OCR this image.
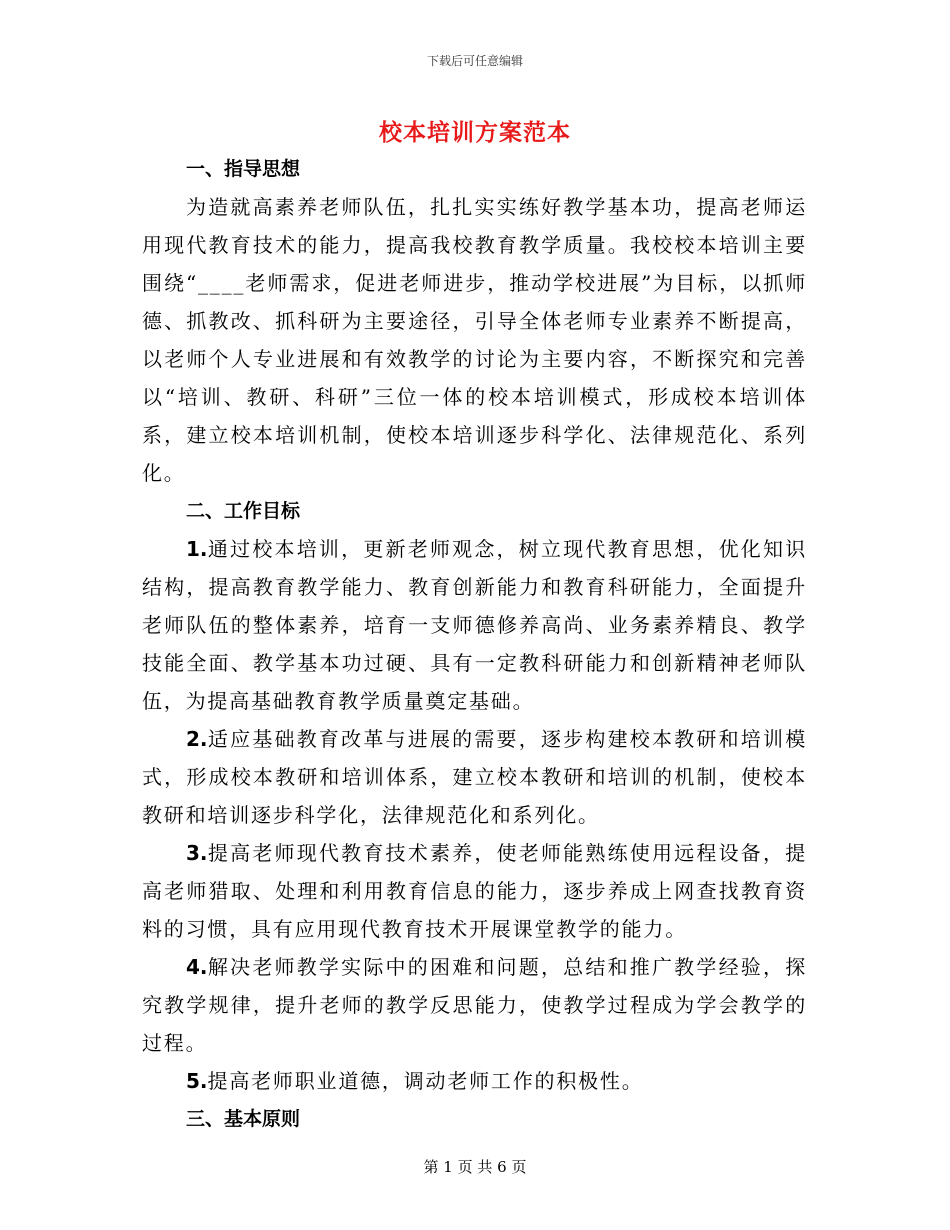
下载后可任意编辑
校本培训方案范本
一、指导思想

为造就高素养老师队伍，扎扎实实练好教学基本功，提高老师运用现代教育技术的能力，提高我校教育教学质量。我校校本培训主要围绕“____老师需求，促进老师进步，推动学校进展”为目标，以抓师德、抓教改、抓科研为主要途径，引导全体老师专业素养不断提高，以老师个人专业进展和有效教学的讨论为主要内容，不断探究和完善以“培训、教研、科研”三位一体的校本培训模式，形成校本培训体系，建立校本培训机制，使校本培训逐步科学化、法律规范化、系列化。

二、工作目标

1.通过校本培训，更新老师观念，树立现代教育思想，优化知识结构，提高教育教学能力、教育创新能力和教育科研能力，全面提升老师队伍的整体素养，培育一支师德修养高尚、业务素养精良、教学技能全面、教学基本功过硬、具有一定教科研能力和创新精神老师队伍，为提高基础教育教学质量奠定基础。

2.适应基础教育改革与进展的需要，逐步构建校本教研和培训模式，形成校本教研和培训体系，建立校本教研和培训的机制，使校本教研和培训逐步科学化，法律规范化和系列化。

3.提高老师现代教育技术素养，使老师能熟练使用远程设备，提高老师猎取、处理和利用教育信息的能力，逐步养成上网查找教育资料的习惯，具有应用现代教育技术开展课堂教学的能力。

4.解决老师教学实际中的困难和问题，总结和推广教学经验，探究教学规律，提升老师的教学反思能力，使教学过程成为学会教学的过程。

5.提高老师职业道德，调动老师工作的积极性。

三、基本原则
第 1 页 共 6 页
